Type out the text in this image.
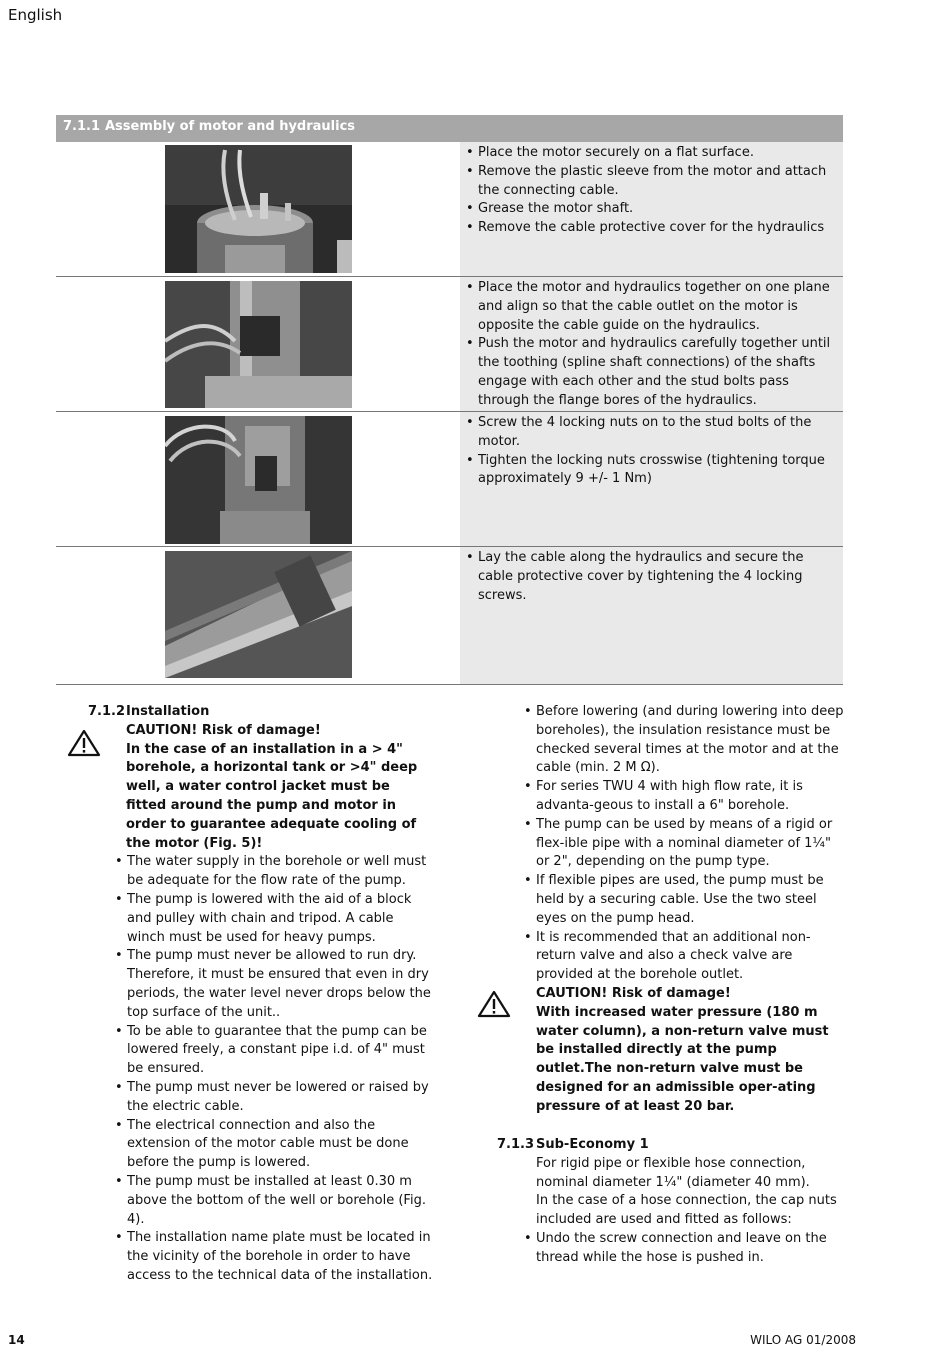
English
7.1.1 Assembly of motor and hydraulics
• Place the motor securely on a flat surface.
• Remove the plastic sleeve from the motor and attach the connecting cable.
• Grease the motor shaft.
• Remove the cable protective cover for the hydraulics
• Place the motor and hydraulics together on one plane and align so that the cable outlet on the motor is opposite the cable guide on the hydraulics.
• Push the motor and hydraulics carefully together until the toothing (spline shaft connections) of the shafts engage with each other and the stud bolts pass through the flange bores of the hydraulics.
• Screw the 4 locking nuts on to the stud bolts of the motor.
• Tighten the locking nuts crosswise (tightening torque approximately 9 +/- 1 Nm)
• Lay the cable along the hydraulics and secure the cable protective cover by tightening the 4 locking screws.
7.1.2 Installation
CAUTION! Risk of damage!
In the case of an installation in a > 4" borehole, a horizontal tank or >4" deep well, a water control jacket must be fitted around the pump and motor in order to guarantee adequate cooling of the motor (Fig. 5)!
• The water supply in the borehole or well must be adequate for the flow rate of the pump.
• The pump is lowered with the aid of a block and pulley with chain and tripod. A cable winch must be used for heavy pumps.
• The pump must never be allowed to run dry. Therefore, it must be ensured that even in dry periods, the water level never drops below the top surface of the unit..
• To be able to guarantee that the pump can be lowered freely, a constant pipe i.d. of 4" must be ensured.
• The pump must never be lowered or raised by the electric cable.
• The electrical connection and also the extension of the motor cable must be done before the pump is lowered.
• The pump must be installed at least 0.30 m above the bottom of the well or borehole (Fig. 4).
• The installation name plate must be located in the vicinity of the borehole in order to have access to the technical data of the installation.
• Before lowering (and during lowering into deep boreholes), the insulation resistance must be checked several times at the motor and at the cable (min. 2 M Ω).
• For series TWU 4 with high flow rate, it is advanta-geous to install a 6" borehole.
• The pump can be used by means of a rigid or flex-ible pipe with a nominal diameter of 1¼" or 2", depending on the pump type.
• If flexible pipes are used, the pump must be held by a securing cable. Use the two steel eyes on the pump head.
• It is recommended that an additional non-return valve and also a check valve are provided at the borehole outlet.
CAUTION! Risk of damage!
With increased water pressure (180 m water column), a non-return valve must be installed directly at the pump outlet.The non-return valve must be designed for an admissible oper-ating pressure of at least 20 bar.
7.1.3 Sub-Economy 1
For rigid pipe or flexible hose connection, nominal diameter 1¼" (diameter 40 mm).
In the case of a hose connection, the cap nuts included are used and fitted as follows:
• Undo the screw connection and leave on the thread while the hose is pushed in.
14	WILO AG 01/2008
